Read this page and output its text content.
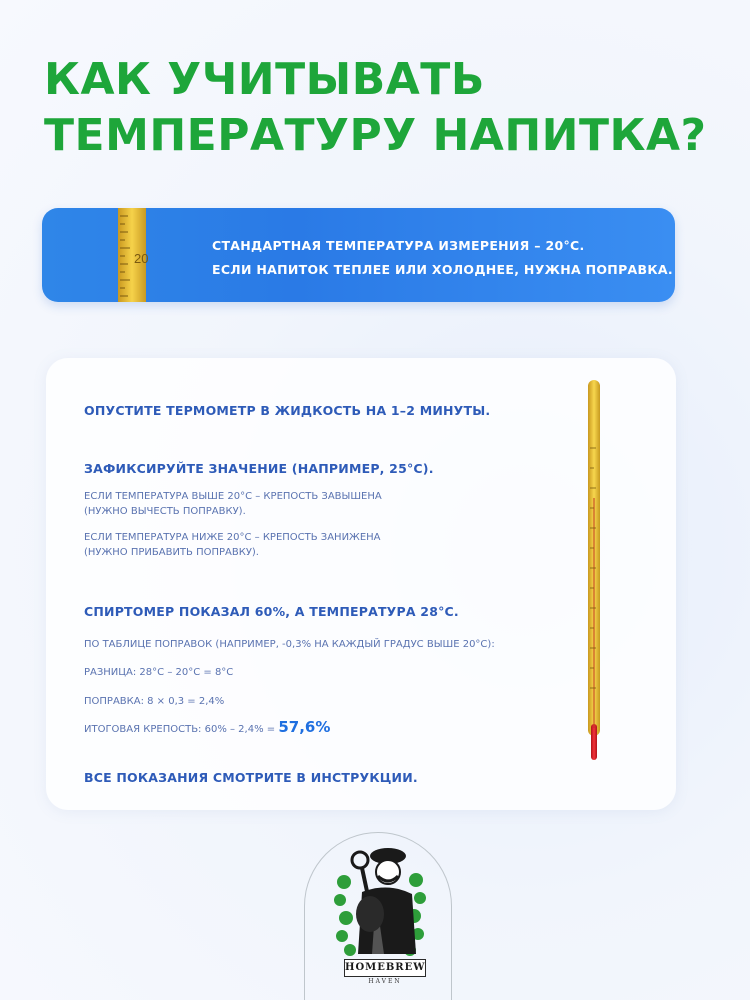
КАК УЧИТЫВАТЬ
ТЕМПЕРАТУРУ НАПИТКА?
20
СТАНДАРТНАЯ ТЕМПЕРАТУРА ИЗМЕРЕНИЯ – 20°С.
ЕСЛИ НАПИТОК ТЕПЛЕЕ ИЛИ ХОЛОДНЕЕ, НУЖНА ПОПРАВКА.
ОПУСТИТЕ ТЕРМОМЕТР В ЖИДКОСТЬ НА 1–2 МИНУТЫ.
ЗАФИКСИРУЙТЕ ЗНАЧЕНИЕ (НАПРИМЕР, 25°С).
ЕСЛИ ТЕМПЕРАТУРА ВЫШЕ 20°С – КРЕПОСТЬ ЗАВЫШЕНА
(НУЖНО ВЫЧЕСТЬ ПОПРАВКУ).
ЕСЛИ ТЕМПЕРАТУРА НИЖЕ 20°С – КРЕПОСТЬ ЗАНИЖЕНА
(НУЖНО ПРИБАВИТЬ ПОПРАВКУ).
СПИРТОМЕР ПОКАЗАЛ 60%, А ТЕМПЕРАТУРА 28°С.
ПО ТАБЛИЦЕ ПОПРАВОК (НАПРИМЕР, -0,3% НА КАЖДЫЙ ГРАДУС ВЫШЕ 20°С):
РАЗНИЦА: 28°С – 20°С = 8°С
ПОПРАВКА: 8 × 0,3 = 2,4%
ИТОГОВАЯ КРЕПОСТЬ: 60% – 2,4% = 57,6%
ВСЕ ПОКАЗАНИЯ СМОТРИТЕ В ИНСТРУКЦИИ.
HOMEBREW
HAVEN
